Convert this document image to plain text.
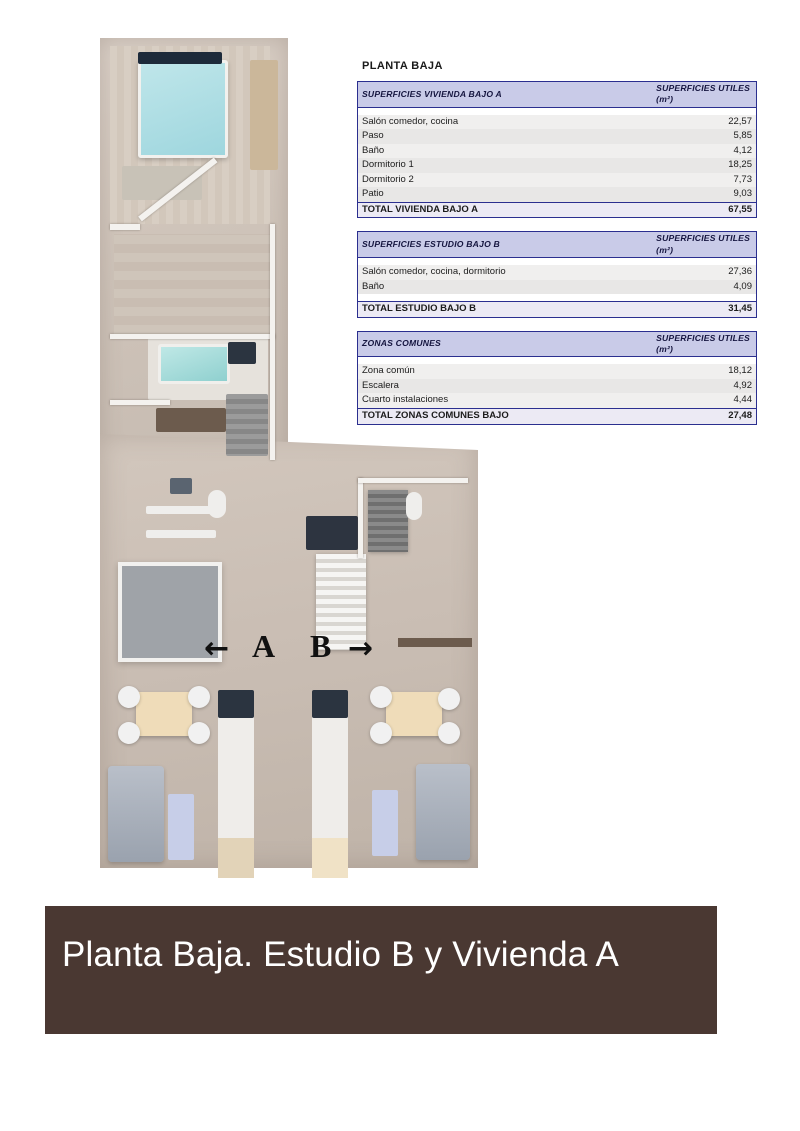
← A B →
PLANTA BAJA
SUPERFICIES VIVIENDA BAJO A	SUPERFICIES UTILES (m²)

Salón comedor, cocina	22,57
Paso	5,85
Baño	4,12
Dormitorio 1	18,25
Dormitorio 2	7,73
Patio	9,03
TOTAL VIVIENDA BAJO A	67,55
SUPERFICIES ESTUDIO BAJO B	SUPERFICIES UTILES (m²)

Salón comedor, cocina, dormitorio	27,36
Baño	4,09

TOTAL ESTUDIO BAJO B	31,45
ZONAS COMUNES	SUPERFICIES UTILES (m²)

Zona común	18,12
Escalera	4,92
Cuarto instalaciones	4,44
TOTAL ZONAS COMUNES BAJO	27,48
Planta Baja. Estudio B y Vivienda A
